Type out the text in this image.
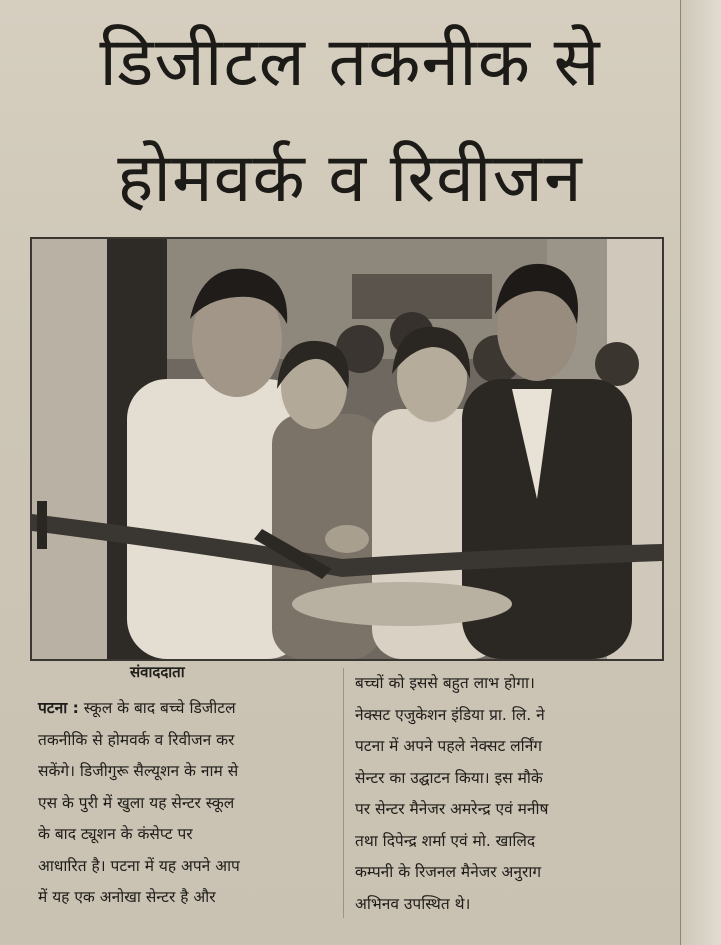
डिजीटल तकनीक से
होमवर्क व रिवीजन
संवाददाता

पटना : स्कूल के बाद बच्चे डिजीटल

तकनीकि से होमवर्क व रिवीजन कर

सकेंगे। डिजीगुरू सैल्यूशन के नाम से

एस के पुरी में खुला यह सेन्टर स्कूल

के बाद ट्यूशन के कंसेप्ट पर

आधारित है। पटना में यह अपने आप

में यह एक अनोखा सेन्टर है और

बच्चों को इससे बहुत लाभ होगा।

नेक्सट एजुकेशन इंडिया प्रा. लि. ने

पटना में अपने पहले नेक्सट लर्निंग

सेन्टर का उद्घाटन किया। इस मौके

पर सेन्टर मैनेजर अमरेन्द्र एवं मनीष

तथा दिपेन्द्र शर्मा एवं मो. खालिद

कम्पनी के रिजनल मैनेजर अनुराग

अभिनव उपस्थित थे।
